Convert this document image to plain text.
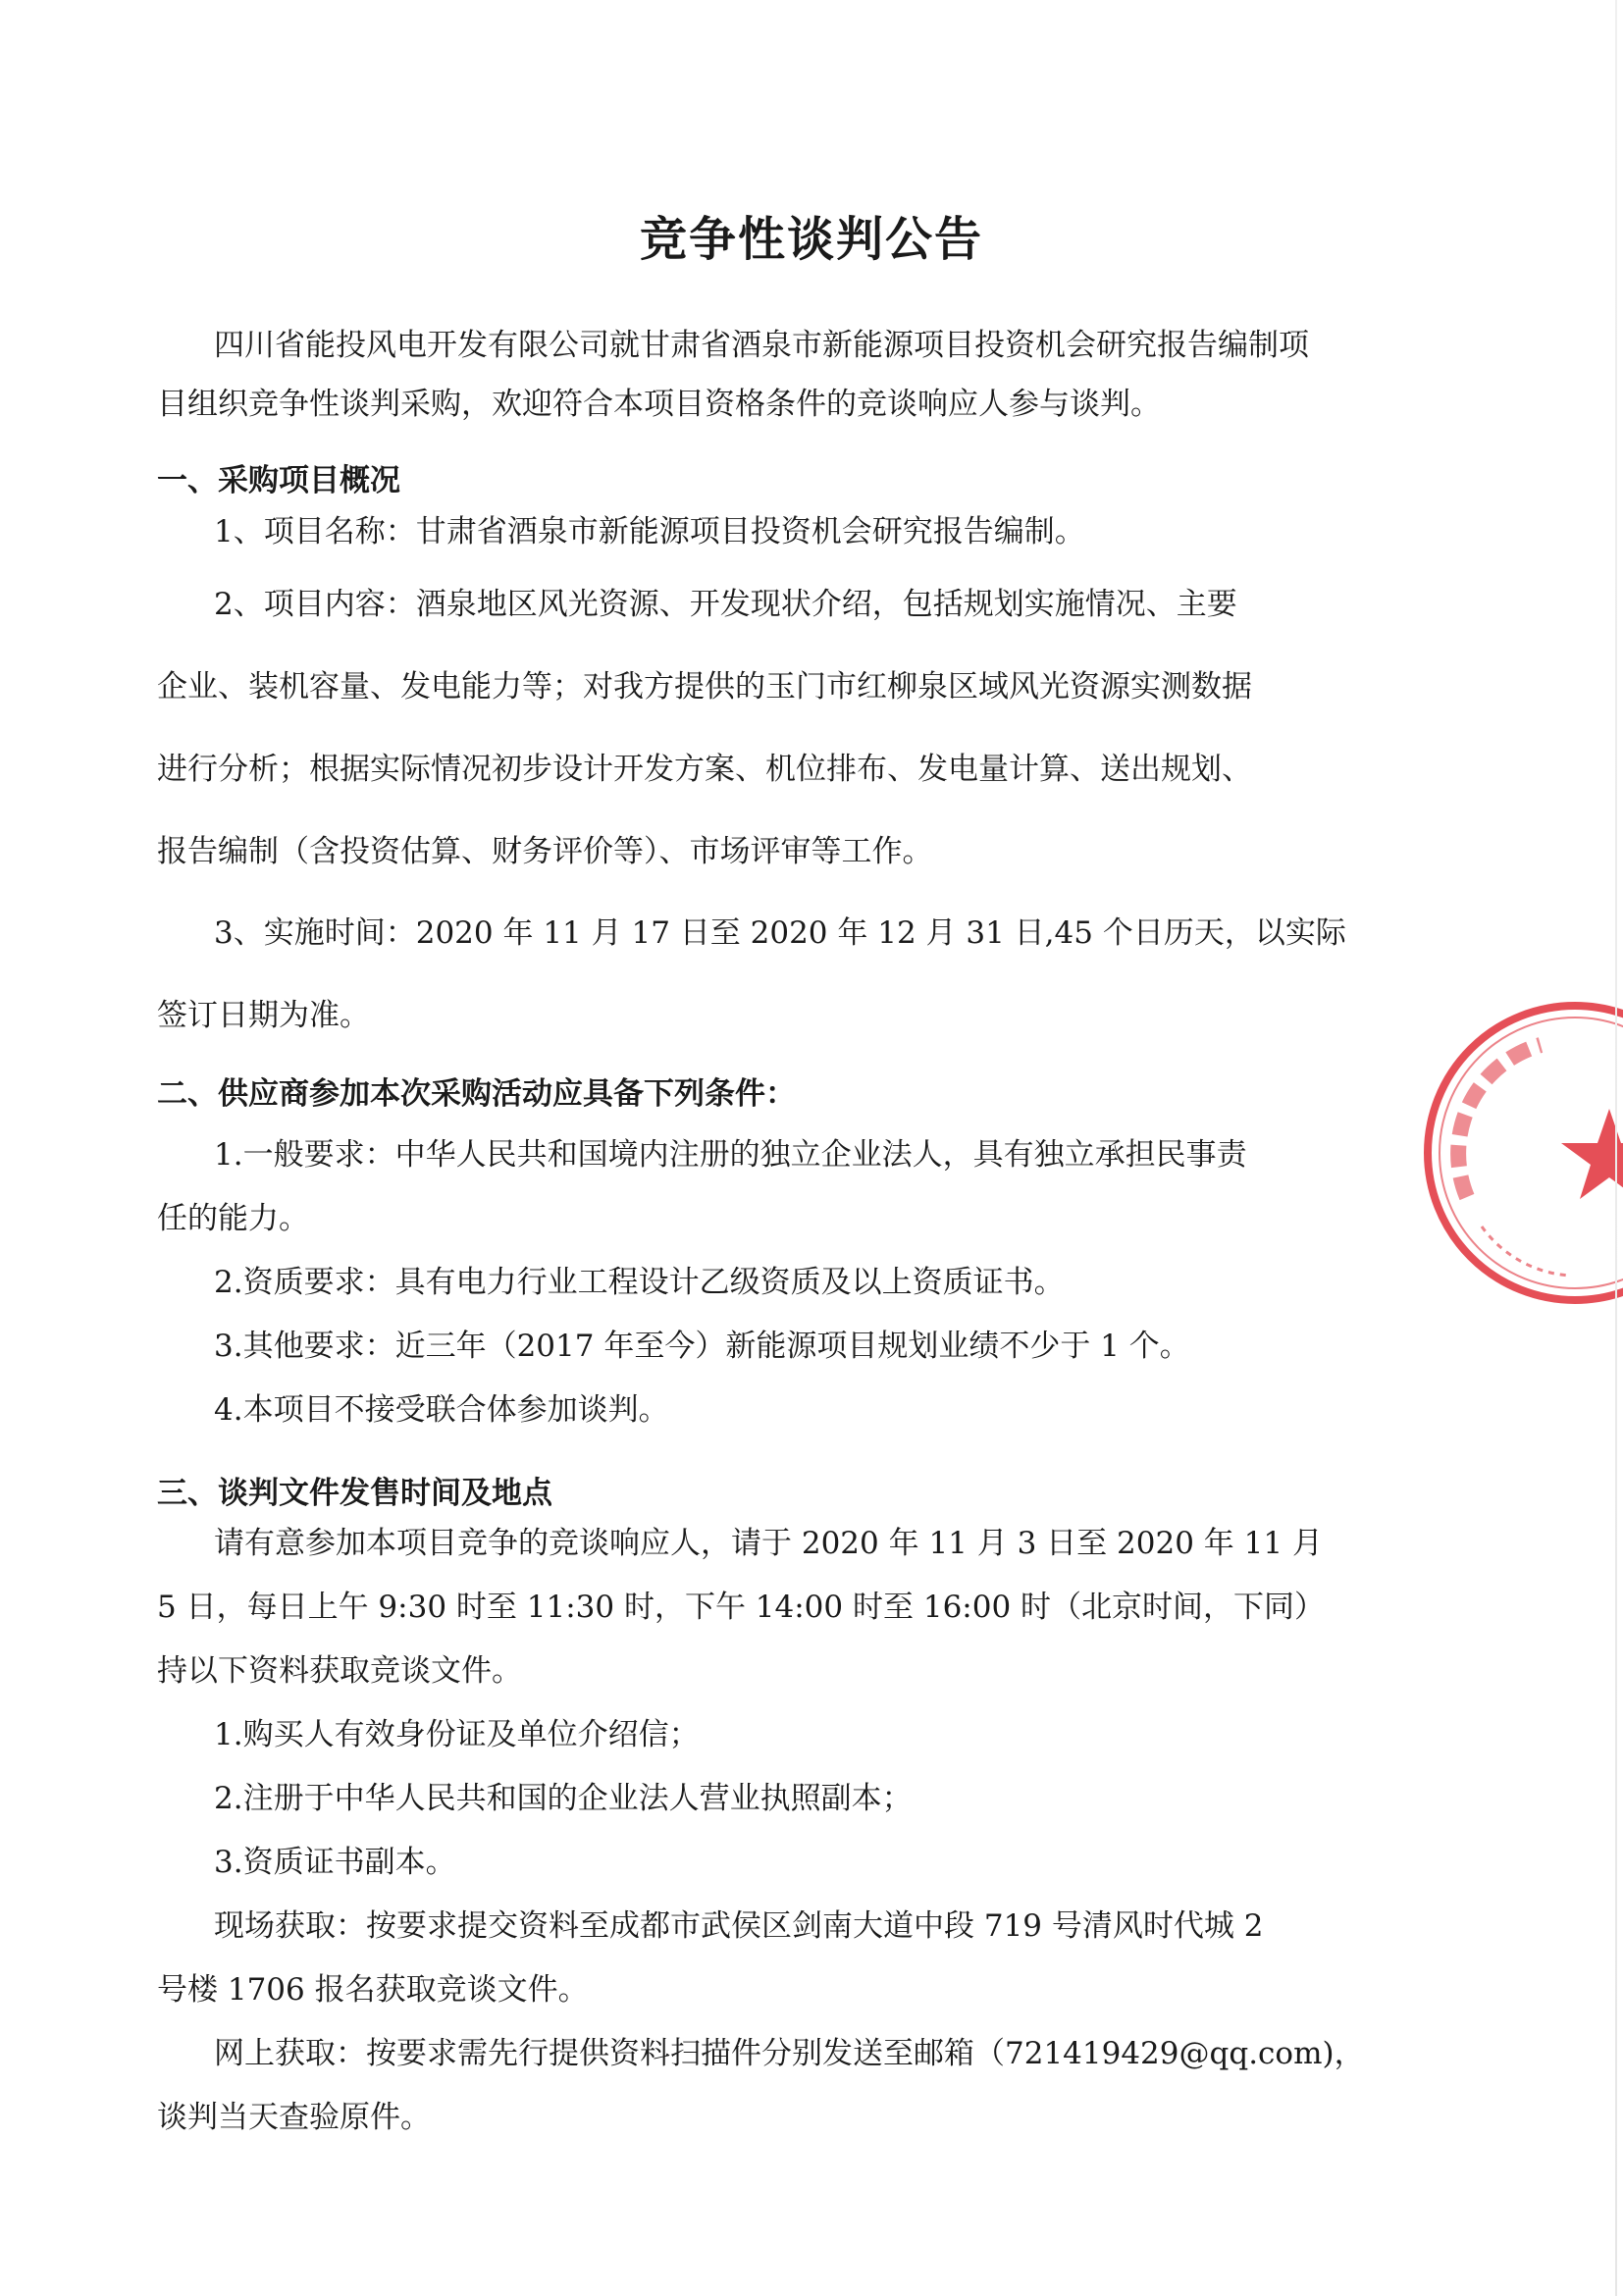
竞争性谈判公告
四川省能投风电开发有限公司就甘肃省酒泉市新能源项目投资机会研究报告编制项
目组织竞争性谈判采购，欢迎符合本项目资格条件的竞谈响应人参与谈判。
一、采购项目概况
1、项目名称：甘肃省酒泉市新能源项目投资机会研究报告编制。
2、项目内容：酒泉地区风光资源、开发现状介绍，包括规划实施情况、主要
企业、装机容量、发电能力等；对我方提供的玉门市红柳泉区域风光资源实测数据
进行分析；根据实际情况初步设计开发方案、机位排布、发电量计算、送出规划、
报告编制（含投资估算、财务评价等）、市场评审等工作。
3、实施时间：2020 年 11 月 17 日至 2020 年 12 月 31 日,45 个日历天，以实际
签订日期为准。
二、供应商参加本次采购活动应具备下列条件：
1.一般要求：中华人民共和国境内注册的独立企业法人，具有独立承担民事责
任的能力。
2.资质要求：具有电力行业工程设计乙级资质及以上资质证书。
3.其他要求：近三年（2017 年至今）新能源项目规划业绩不少于 1 个。
4.本项目不接受联合体参加谈判。
三、谈判文件发售时间及地点
请有意参加本项目竞争的竞谈响应人，请于 2020 年 11 月 3 日至 2020 年 11 月
5 日，每日上午 9:30 时至 11:30 时，下午 14:00 时至 16:00 时（北京时间，下同）
持以下资料获取竞谈文件。
1.购买人有效身份证及单位介绍信；
2.注册于中华人民共和国的企业法人营业执照副本；
3.资质证书副本。
现场获取：按要求提交资料至成都市武侯区剑南大道中段 719 号清风时代城 2
号楼 1706 报名获取竞谈文件。
网上获取：按要求需先行提供资料扫描件分别发送至邮箱（721419429@qq.com)，
谈判当天查验原件。
